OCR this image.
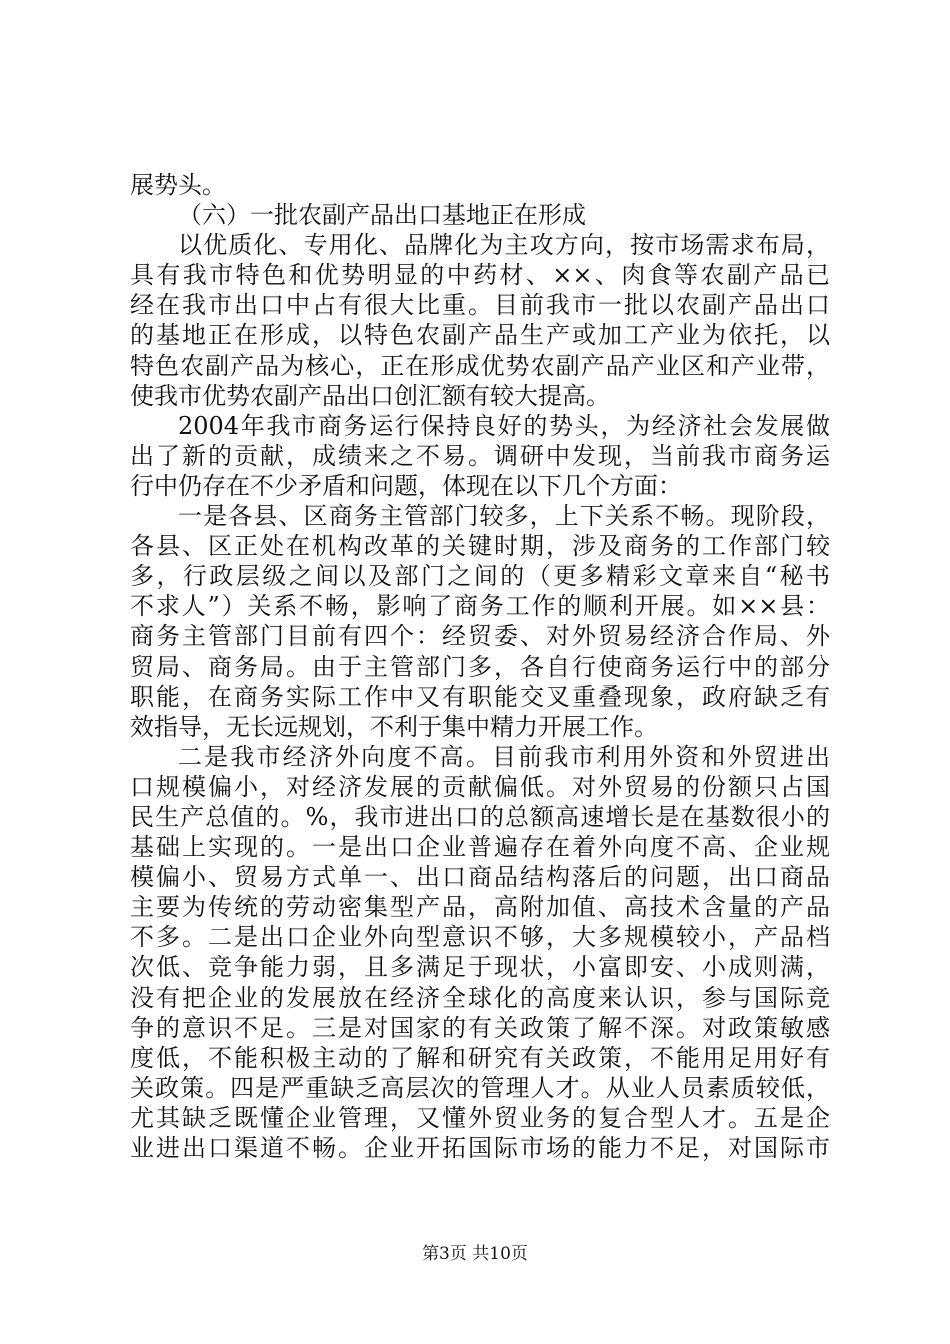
展势头。
（六）一批农副产品出口基地正在形成
以优质化、专用化、品牌化为主攻方向，按市场需求布局，
具有我市特色和优势明显的中药材、××、肉食等农副产品已
经在我市出口中占有很大比重。目前我市一批以农副产品出口
的基地正在形成，以特色农副产品生产或加工产业为依托，以
特色农副产品为核心，正在形成优势农副产品产业区和产业带，
使我市优势农副产品出口创汇额有较大提高。
2004年我市商务运行保持良好的势头，为经济社会发展做
出了新的贡献，成绩来之不易。调研中发现，当前我市商务运
行中仍存在不少矛盾和问题，体现在以下几个方面：
一是各县、区商务主管部门较多，上下关系不畅。现阶段，
各县、区正处在机构改革的关键时期，涉及商务的工作部门较
多，行政层级之间以及部门之间的（更多精彩文章来自“秘书
不求人”）关系不畅，影响了商务工作的顺利开展。如××县：
商务主管部门目前有四个：经贸委、对外贸易经济合作局、外
贸局、商务局。由于主管部门多，各自行使商务运行中的部分
职能，在商务实际工作中又有职能交叉重叠现象，政府缺乏有
效指导，无长远规划，不利于集中精力开展工作。
二是我市经济外向度不高。目前我市利用外资和外贸进出
口规模偏小，对经济发展的贡献偏低。对外贸易的份额只占国
民生产总值的。%，我市进出口的总额高速增长是在基数很小的
基础上实现的。一是出口企业普遍存在着外向度不高、企业规
模偏小、贸易方式单一、出口商品结构落后的问题，出口商品
主要为传统的劳动密集型产品，高附加值、高技术含量的产品
不多。二是出口企业外向型意识不够，大多规模较小，产品档
次低、竞争能力弱，且多满足于现状，小富即安、小成则满，
没有把企业的发展放在经济全球化的高度来认识，参与国际竞
争的意识不足。三是对国家的有关政策了解不深。对政策敏感
度低，不能积极主动的了解和研究有关政策，不能用足用好有
关政策。四是严重缺乏高层次的管理人才。从业人员素质较低，
尤其缺乏既懂企业管理，又懂外贸业务的复合型人才。五是企
业进出口渠道不畅。企业开拓国际市场的能力不足，对国际市
第3页 共10页
